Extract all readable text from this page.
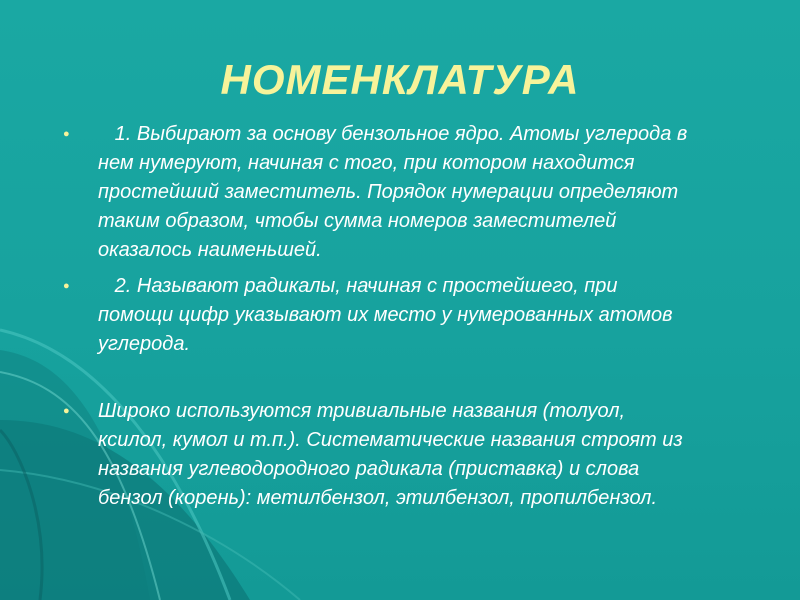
НОМЕНКЛАТУРА
● 1. Выбирают за основу бензольное ядро. Атомы углерода в нем нумеруют, начиная с того, при котором находится простейший заместитель. Порядок нумерации определяют таким образом, чтобы сумма номеров заместителей оказалось наименьшей.
● 2. Называют радикалы, начиная с простейшего, при помощи цифр указывают их место у нумерованных атомов углерода.
● Широко используются тривиальные названия (толуол, ксилол, кумол и т.п.). Систематические названия строят из названия углеводородного радикала (приставка) и слова бензол (корень): метилбензол, этилбензол, пропилбензол.
